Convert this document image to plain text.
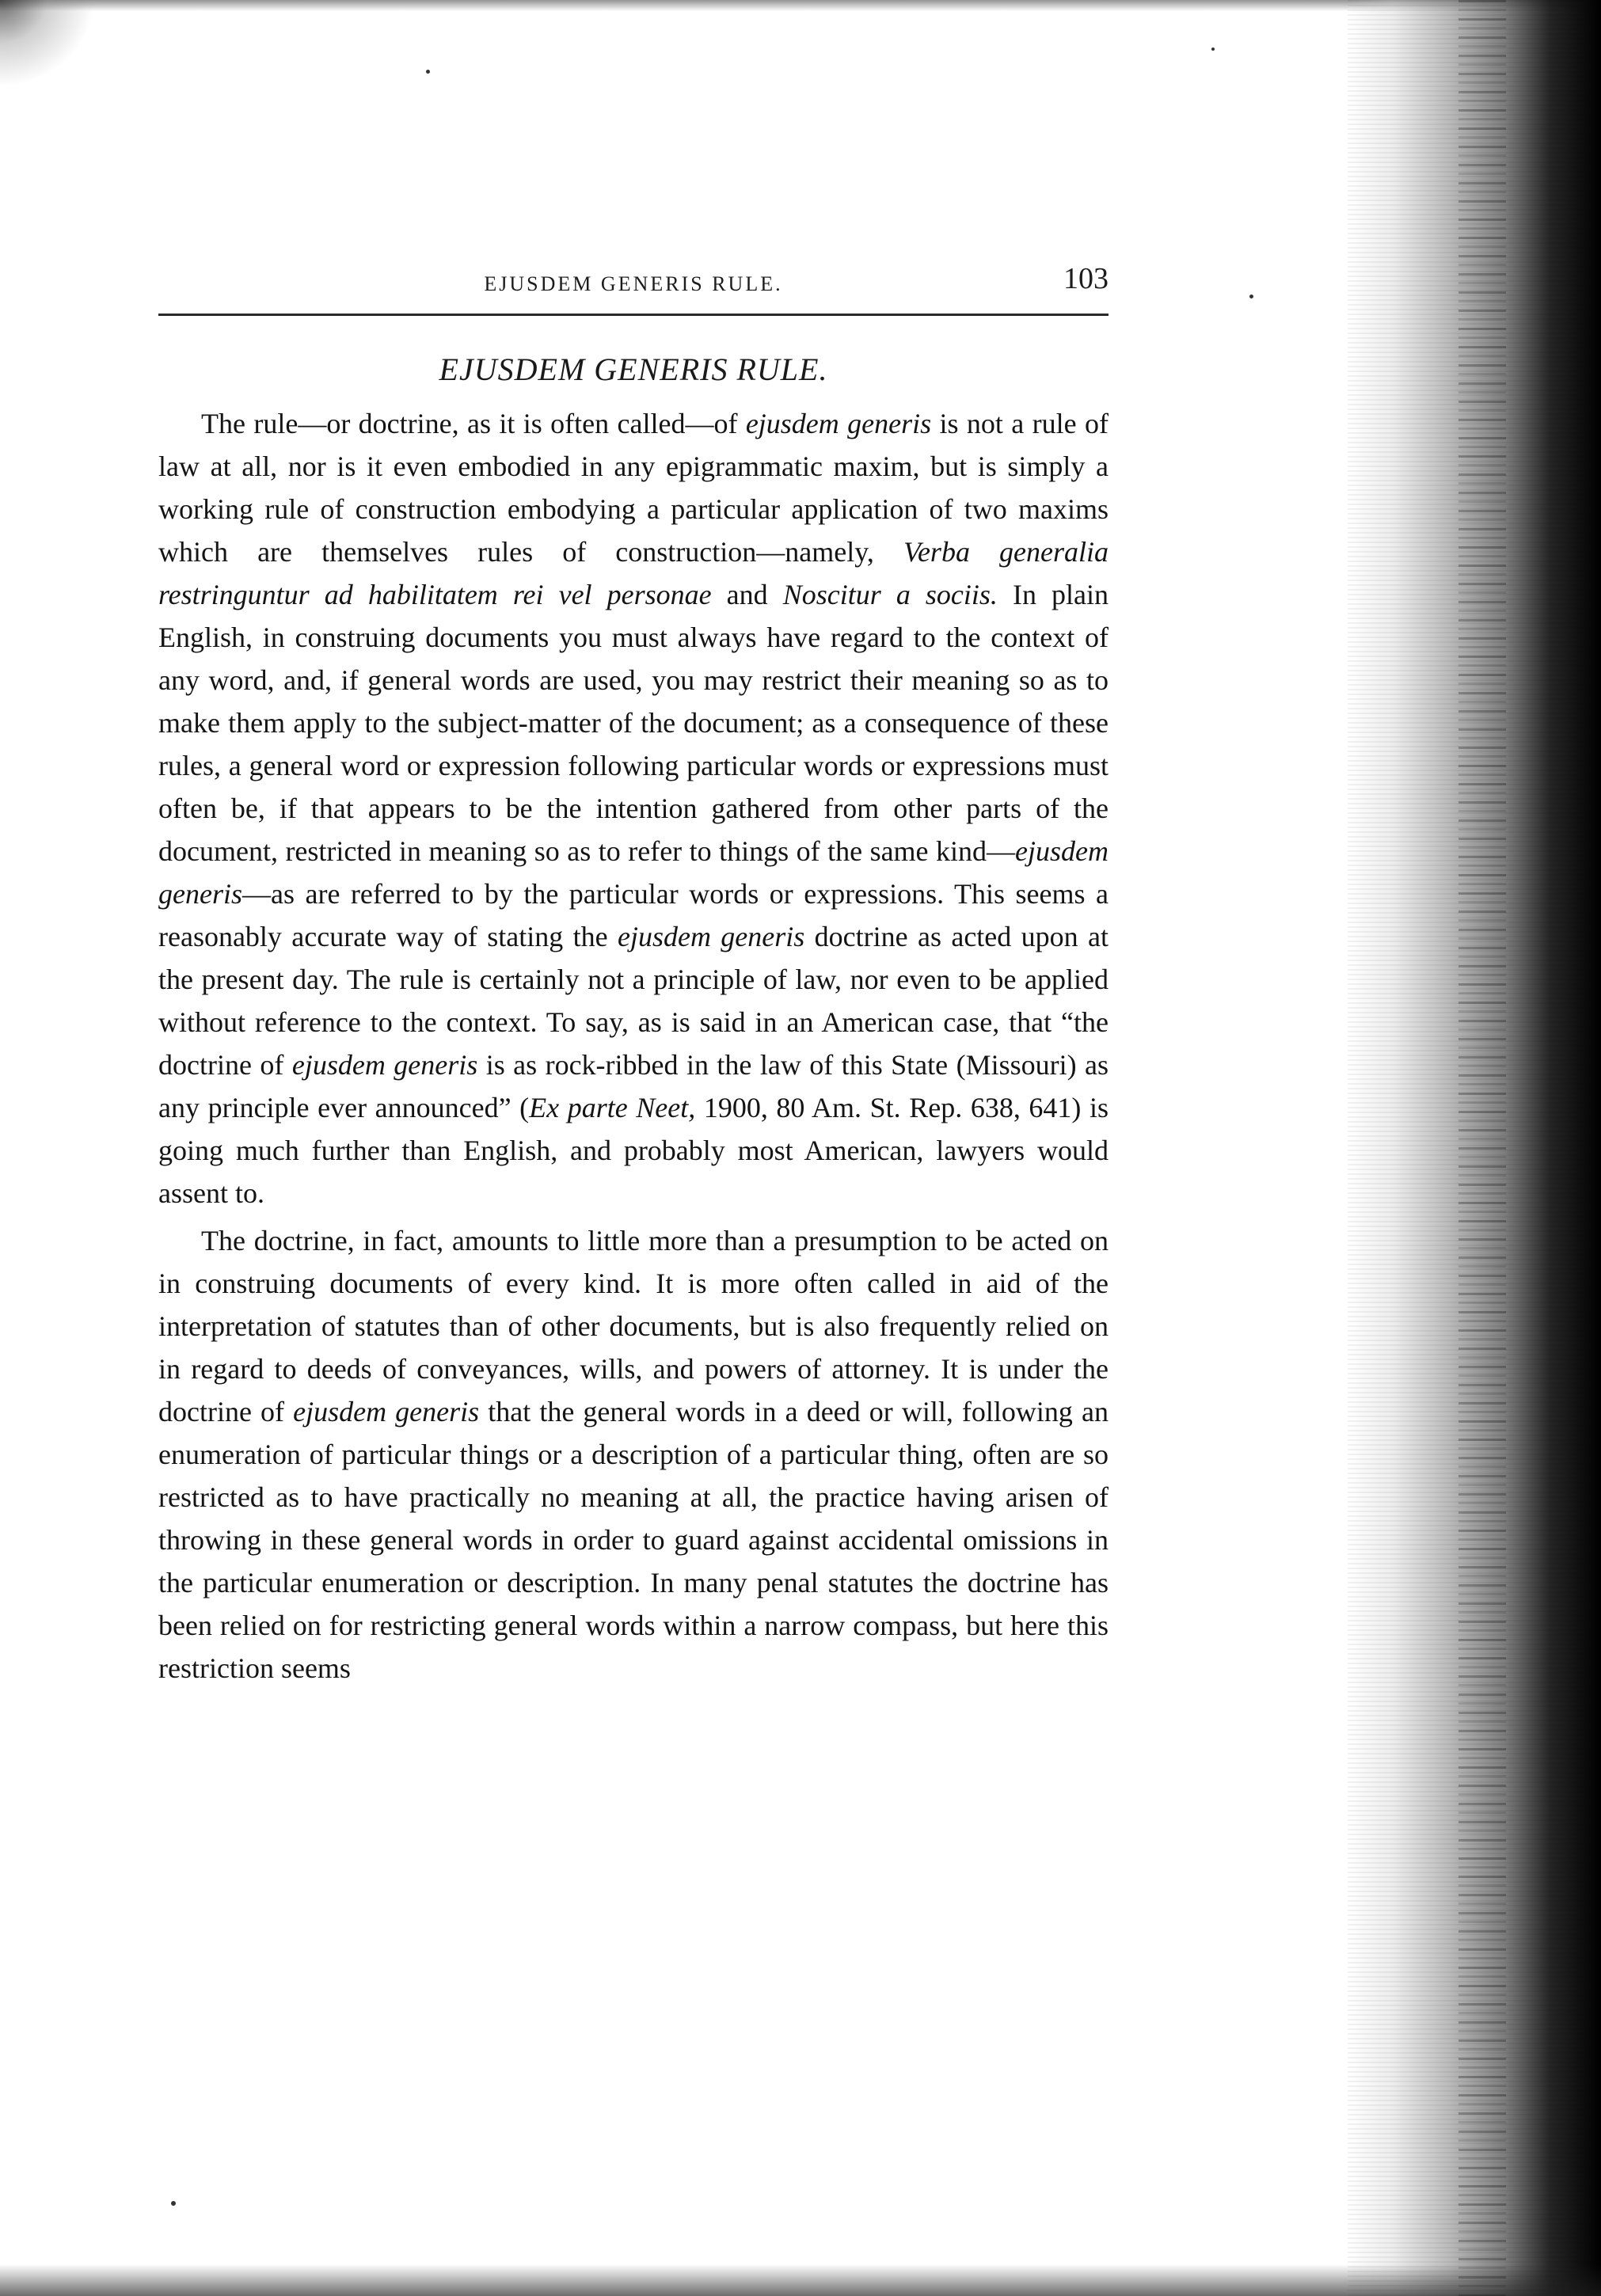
EJUSDEM GENERIS RULE.	103
EJUSDEM GENERIS RULE.

The rule—or doctrine, as it is often called—of ejusdem generis is not a rule of law at all, nor is it even embodied in any epigrammatic maxim, but is simply a working rule of construction embodying a particular application of two maxims which are themselves rules of construction—namely, Verba generalia restringuntur ad habilitatem rei vel personae and Noscitur a sociis. In plain English, in construing documents you must always have regard to the context of any word, and, if general words are used, you may restrict their meaning so as to make them apply to the subject-matter of the document; as a consequence of these rules, a general word or expression following particular words or expressions must often be, if that appears to be the intention gathered from other parts of the document, restricted in meaning so as to refer to things of the same kind—ejusdem generis—as are referred to by the particular words or expressions. This seems a reasonably accurate way of stating the ejusdem generis doctrine as acted upon at the present day. The rule is certainly not a principle of law, nor even to be applied without reference to the context. To say, as is said in an American case, that “the doctrine of ejusdem generis is as rock-ribbed in the law of this State (Missouri) as any principle ever announced” (Ex parte Neet, 1900, 80 Am. St. Rep. 638, 641) is going much further than English, and probably most American, lawyers would assent to.

The doctrine, in fact, amounts to little more than a presumption to be acted on in construing documents of every kind. It is more often called in aid of the interpretation of statutes than of other documents, but is also frequently relied on in regard to deeds of conveyances, wills, and powers of attorney. It is under the doctrine of ejusdem generis that the general words in a deed or will, following an enumeration of particular things or a description of a particular thing, often are so restricted as to have practically no meaning at all, the practice having arisen of throwing in these general words in order to guard against accidental omissions in the particular enumeration or description. In many penal statutes the doctrine has been relied on for restricting general words within a narrow compass, but here this restriction seems
